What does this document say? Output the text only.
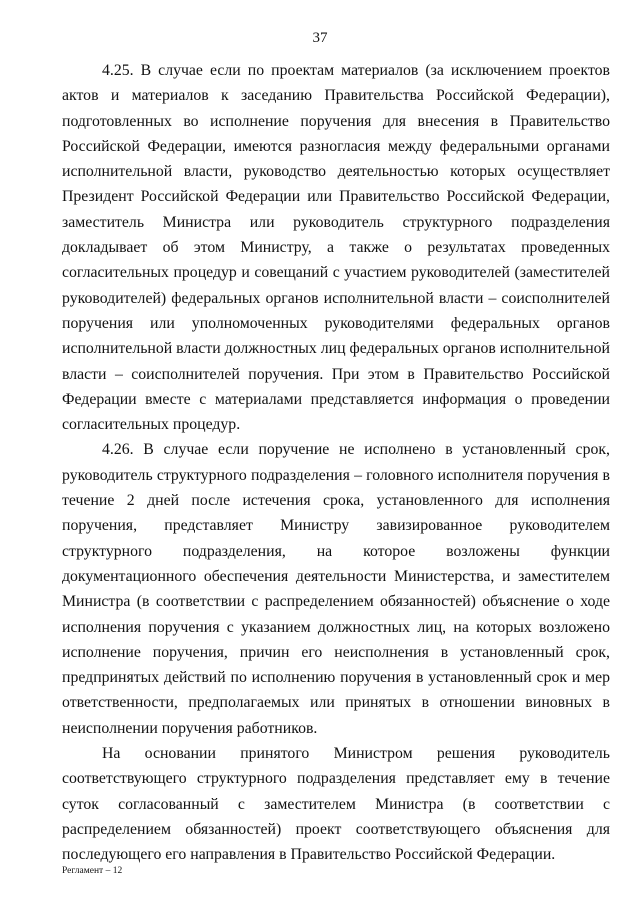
37

4.25. В случае если по проектам материалов (за исключением проектов актов и материалов к заседанию Правительства Российской Федерации), подготовленных во исполнение поручения для внесения в Правительство Российской Федерации, имеются разногласия между федеральными органами исполнительной власти, руководство деятельностью которых осуществляет Президент Российской Федерации или Правительство Российской Федерации, заместитель Министра или руководитель структурного подразделения докладывает об этом Министру, а также о результатах проведенных согласительных процедур и совещаний с участием руководителей (заместителей руководителей) федеральных органов исполнительной власти – соисполнителей поручения или уполномоченных руководителями федеральных органов исполнительной власти должностных лиц федеральных органов исполнительной власти – соисполнителей поручения. При этом в Правительство Российской Федерации вместе с материалами представляется информация о проведении согласительных процедур.

4.26. В случае если поручение не исполнено в установленный срок, руководитель структурного подразделения – головного исполнителя поручения в течение 2 дней после истечения срока, установленного для исполнения поручения, представляет Министру завизированное руководителем структурного подразделения, на которое возложены функции документационного обеспечения деятельности Министерства, и заместителем Министра (в соответствии с распределением обязанностей) объяснение о ходе исполнения поручения с указанием должностных лиц, на которых возложено исполнение поручения, причин его неисполнения в установленный срок, предпринятых действий по исполнению поручения в установленный срок и мер ответственности, предполагаемых или принятых в отношении виновных в неисполнении поручения работников.

На основании принятого Министром решения руководитель соответствующего структурного подразделения представляет ему в течение суток согласованный с заместителем Министра (в соответствии с распределением обязанностей) проект соответствующего объяснения для последующего его направления в Правительство Российской Федерации.

Регламент – 12
